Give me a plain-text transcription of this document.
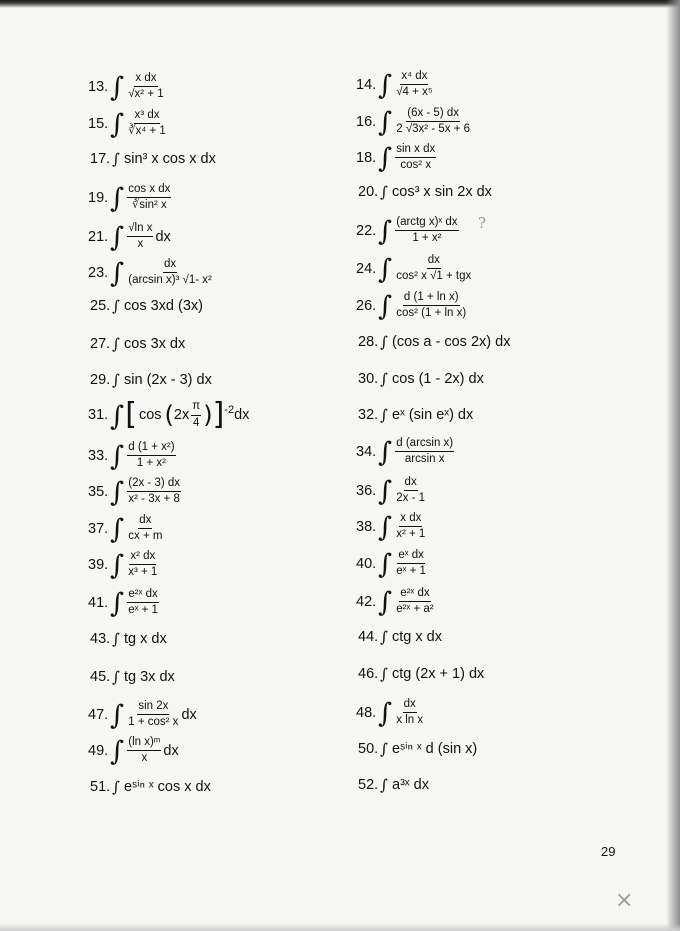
13. ∫ $\frac{\text{x dx}}{\text{√x² + 1}}$
15. ∫ $\frac{\text{x³ dx}}{\text{∛x⁴ + 1}}$
17. ∫ sin³ x cos x dx
19. ∫ $\frac{\text{cos x dx}}{\text{∛sin² x}}$
21. ∫ $\frac{\text{√ln x}}{x}$ dx
23. ∫ $\frac{dx}{\text{(arcsin x)³ √1- x²}}$
25. ∫ cos 3xd (3x)
27. ∫ cos 3x dx
29. ∫ sin (2x - 3) dx
31. ∫ [ cos ( $2x \frac{\pi}{4}$ ) ]$^{-2}$ dx
33. ∫ $\frac{\text{d (1 + x²)}}{\text{1 + x²}}$
35. ∫ $\frac{(2x - 3) dx}{\text{x² - 3x + 8}}$
37. ∫ $\frac{dx}{cx + m}$
39. ∫ $\frac{\text{x² dx}}{\text{x³ + 1}}$
41. ∫ $\frac{\text{e²ˣ dx}}{\text{eˣ + 1}}$
43. ∫ tg x dx
45. ∫ tg 3x dx
47. ∫ $\frac{\sin 2x}{\text{1 + cos² x}}$ dx
49. ∫ $\frac{\text{(ln x)ᵐ}}{x}$ dx
51. ∫ eˢⁱⁿ ˣ cos x dx
14. ∫ $\frac{\text{x⁴ dx}}{\text{√4 + x⁵}}$
16. ∫ $\frac{(6x - 5) dx}{\text{2 √3x² - 5x + 6}}$
18. ∫ $\frac{\text{sin x dx}}{\text{cos² x}}$
20. ∫ cos³ x sin 2x dx
22. ∫ $\frac{\text{(arctg x)ˣ dx}}{\text{1 + x²}}$ ?
24. ∫ $\frac{dx}{\text{cos² x √1 + tgx}}$
26. ∫ $\frac{\text{d (1 + ln x)}}{\text{cos² (1 + ln x)}}$
28. ∫ (cos a - cos 2x) dx
30. ∫ cos (1 - 2x) dx
32. ∫ eˣ (sin eˣ) dx
34. ∫ $\frac{\text{d (arcsin x)}}{\text{arcsin x}}$
36. ∫ $\frac{dx}{2x - 1}$
38. ∫ $\frac{\text{x dx}}{\text{x² + 1}}$
40. ∫ $\frac{\text{eˣ dx}}{\text{eˣ + 1}}$
42. ∫ $\frac{\text{e²ˣ dx}}{\text{e²ˣ + a²}}$
44. ∫ ctg x dx
46. ∫ ctg (2x + 1) dx
48. ∫ $\frac{dx}{\text{x ln x}}$
50. ∫ eˢⁱⁿ ˣ d (sin x)
52. ∫ a³ˣ dx
29
×
